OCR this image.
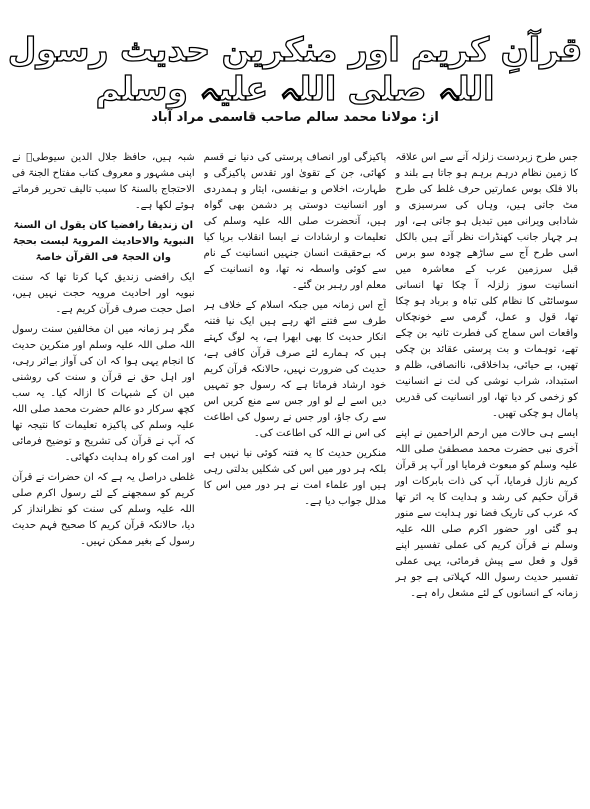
قرآنِ کریم اور منکرین حدیث رسول اللہ صلی اللہ علیہ وسلم
از: مولانا محمد سالم صاحب قاسمی مراد آباد

جس طرح زبردست زلزلہ آنے سے اس علاقہ کا زمین نظام درہم برہم ہو جاتا ہے بلند و بالا فلک بوس عمارتیں حرف غلط کی طرح مٹ جاتی ہیں، وہاں کی سرسبزی و شادابی ویرانی میں تبدیل ہو جاتی ہے، اور ہر چہار جانب کھنڈرات نظر آتے ہیں بالکل اسی طرح آج سے ساڑھے چودہ سو برس قبل سرزمین عرب کے معاشرہ میں انسانیت سوز زلزلہ آ چکا تھا انسانی سوسائٹی کا نظام کلی تباہ و برباد ہو چکا تھا، قول و عمل، گرمی سے خونچکاں واقعات اس سماج کی فطرت ثانیہ بن چکے تھے، توہمات و بت پرستی عقائد بن چکی تھیں، بے حیائی، بداخلاقی، ناانصافی، ظلم و استبداد، شراب نوشی کی لت نے انسانیت کو زخمی کر دیا تھا، اور انسانیت کی قدریں پامال ہو چکی تھیں۔

ایسے ہی حالات میں ارحم الراحمین نے اپنے آخری نبی حضرت محمد مصطفیٰ صلی اللہ علیہ وسلم کو مبعوث فرمایا اور آپ پر قرآن کریم نازل فرمایا، آپ کی ذات بابرکات اور قرآن حکیم کی رشد و ہدایت کا یہ اثر تھا کہ عرب کی تاریک فضا نور ہدایت سے منور ہو گئی اور حضور اکرم صلی اللہ علیہ وسلم نے قرآن کریم کی عملی تفسیر اپنے قول و فعل سے پیش فرمائی، یہی عملی تفسیر حدیث رسول اللہ کہلاتی ہے جو ہر زمانہ کے انسانوں کے لئے مشعل راہ ہے۔

پاکیزگی اور انصاف پرستی کی دنیا نے قسم کھائی، جن کے تقویٰ اور تقدس پاکیزگی و طہارت، اخلاص و بےنفسی، ایثار و ہمدردی اور انسانیت دوستی پر دشمن بھی گواہ ہیں، آنحضرت صلی اللہ علیہ وسلم کی تعلیمات و ارشادات نے ایسا انقلاب برپا کیا کہ بےحقیقت انسان جنہیں انسانیت کے نام سے کوئی واسطہ نہ تھا، وہ انسانیت کے معلم اور رہبر بن گئے۔

آج اس زمانہ میں جبکہ اسلام کے خلاف ہر طرف سے فتنے اٹھ رہے ہیں ایک نیا فتنہ انکار حدیث کا بھی ابھرا ہے، یہ لوگ کہتے ہیں کہ ہمارے لئے صرف قرآن کافی ہے، حدیث کی ضرورت نہیں، حالانکہ قرآن کریم خود ارشاد فرماتا ہے کہ رسول جو تمہیں دیں اسے لے لو اور جس سے منع کریں اس سے رک جاؤ، اور جس نے رسول کی اطاعت کی اس نے اللہ کی اطاعت کی۔

منکرین حدیث کا یہ فتنہ کوئی نیا نہیں ہے بلکہ ہر دور میں اس کی شکلیں بدلتی رہی ہیں اور علماء امت نے ہر دور میں اس کا مدلل جواب دیا ہے۔

شبہ ہیں، حافظ جلال الدین سیوطیؒ نے اپنی مشہور و معروف کتاب مفتاح الجنۃ فی الاحتجاج بالسنۃ کا سبب تالیف تحریر فرماتے ہوئے لکھا ہے۔

ان زندیقا رافضیا کان یقول ان السنۃ النبویۃ والاحادیث المرویۃ لیست بحجۃ وان الحجۃ فی القرآن خاصۃ

ایک رافضی زندیق کہا کرتا تھا کہ سنت نبویہ اور احادیث مرویہ حجت نہیں ہیں، اصل حجت صرف قرآن کریم ہے۔

مگر ہر زمانہ میں ان مخالفین سنت رسول اللہ صلی اللہ علیہ وسلم اور منکرین حدیث کا انجام یہی ہوا کہ ان کی آواز بےاثر رہی، اور اہل حق نے قرآن و سنت کی روشنی میں ان کے شبہات کا ازالہ کیا۔ یہ سب کچھ سرکار دو عالم حضرت محمد صلی اللہ علیہ وسلم کی پاکیزہ تعلیمات کا نتیجہ تھا کہ آپ نے قرآن کی تشریح و توضیح فرمائی اور امت کو راہ ہدایت دکھائی۔

غلطی دراصل یہ ہے کہ ان حضرات نے قرآن کریم کو سمجھنے کے لئے رسول اکرم صلی اللہ علیہ وسلم کی سنت کو نظرانداز کر دیا، حالانکہ قرآن کریم کا صحیح فہم حدیث رسول کے بغیر ممکن نہیں۔
